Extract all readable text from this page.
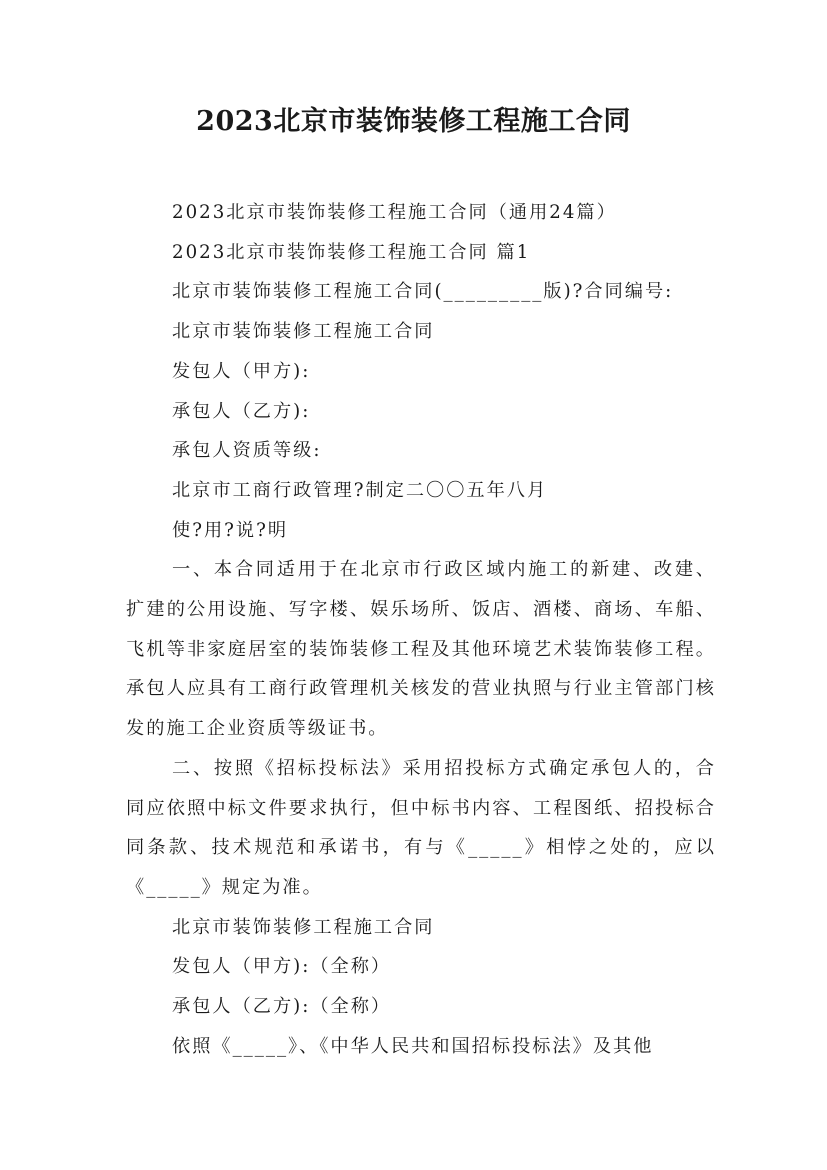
2023北京市装饰装修工程施工合同

2023北京市装饰装修工程施工合同（通用24篇）

2023北京市装饰装修工程施工合同 篇1

北京市装饰装修工程施工合同(_________版)?合同编号:

北京市装饰装修工程施工合同

发包人（甲方):

承包人（乙方):

承包人资质等级:

北京市工商行政管理?制定二〇〇五年八月

使?用?说?明

一、本合同适用于在北京市行政区域内施工的新建、改建、扩建的公用设施、写字楼、娱乐场所、饭店、酒楼、商场、车船、飞机等非家庭居室的装饰装修工程及其他环境艺术装饰装修工程。承包人应具有工商行政管理机关核发的营业执照与行业主管部门核发的施工企业资质等级证书。

二、按照《招标投标法》采用招投标方式确定承包人的，合同应依照中标文件要求执行，但中标书内容、工程图纸、招投标合同条款、技术规范和承诺书，有与《_____》相悖之处的，应以《_____》规定为准。

北京市装饰装修工程施工合同

发包人（甲方):（全称）

承包人（乙方):（全称）

依照《_____》、《中华人民共和国招标投标法》及其他
